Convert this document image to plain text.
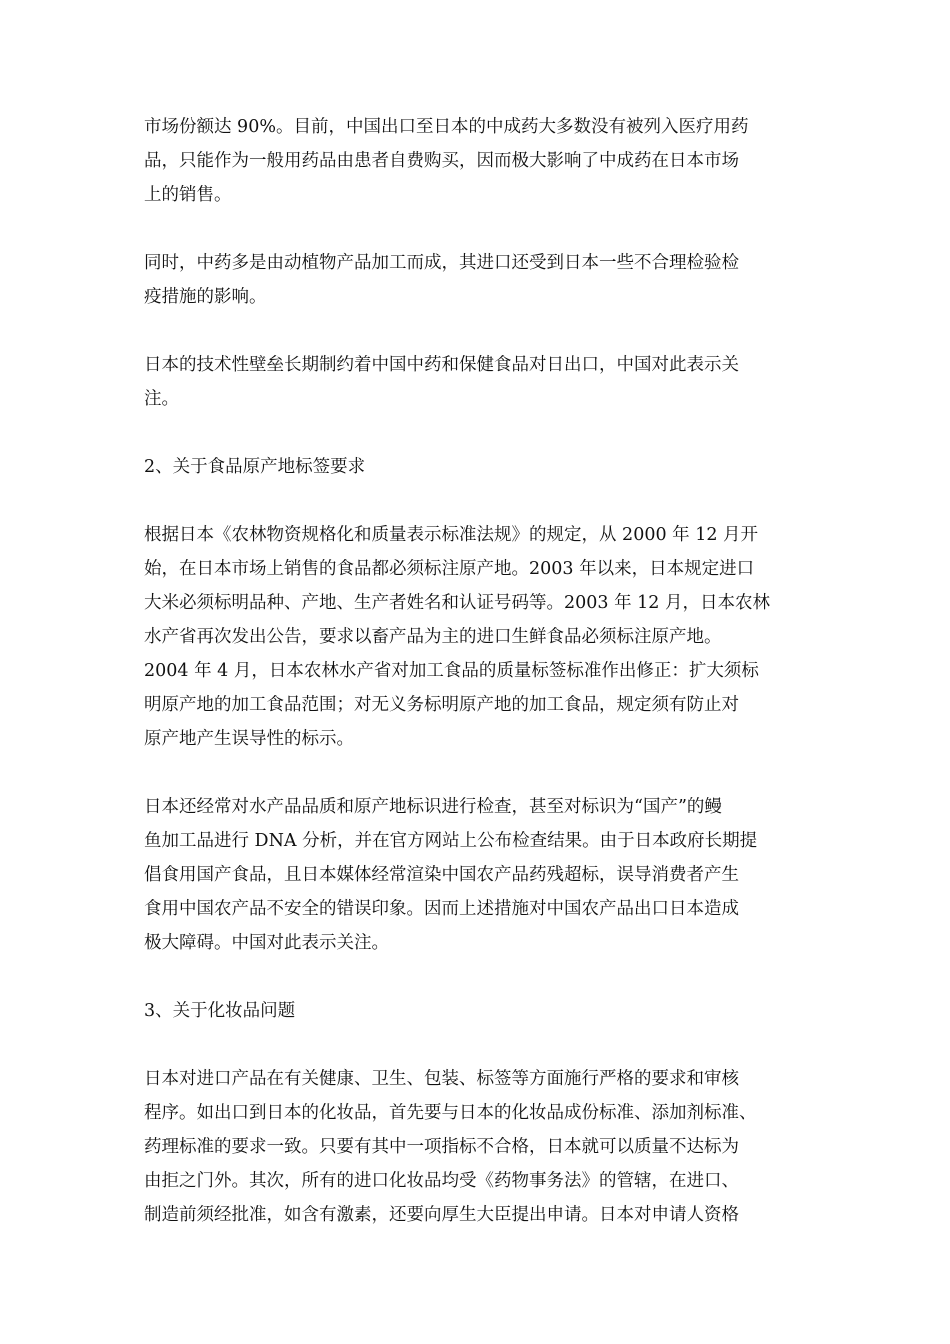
市场份额达 90%。目前，中国出口至日本的中成药大多数没有被列入医疗用药
品，只能作为一般用药品由患者自费购买，因而极大影响了中成药在日本市场
上的销售。

同时，中药多是由动植物产品加工而成，其进口还受到日本一些不合理检验检
疫措施的影响。

日本的技术性壁垒长期制约着中国中药和保健食品对日出口，中国对此表示关
注。

2、关于食品原产地标签要求

根据日本《农林物资规格化和质量表示标准法规》的规定，从 2000 年 12 月开
始，在日本市场上销售的食品都必须标注原产地。2003 年以来，日本规定进口
大米必须标明品种、产地、生产者姓名和认证号码等。2003 年 12 月，日本农林
水产省再次发出公告，要求以畜产品为主的进口生鲜食品必须标注原产地。
2004 年 4 月，日本农林水产省对加工食品的质量标签标准作出修正：扩大须标
明原产地的加工食品范围；对无义务标明原产地的加工食品，规定须有防止对
原产地产生误导性的标示。

日本还经常对水产品品质和原产地标识进行检查，甚至对标识为“国产”的鳗
鱼加工品进行 DNA 分析，并在官方网站上公布检查结果。由于日本政府长期提
倡食用国产食品，且日本媒体经常渲染中国农产品药残超标，误导消费者产生
食用中国农产品不安全的错误印象。因而上述措施对中国农产品出口日本造成
极大障碍。中国对此表示关注。

3、关于化妆品问题

日本对进口产品在有关健康、卫生、包装、标签等方面施行严格的要求和审核
程序。如出口到日本的化妆品，首先要与日本的化妆品成份标准、添加剂标准、
药理标准的要求一致。只要有其中一项指标不合格，日本就可以质量不达标为
由拒之门外。其次，所有的进口化妆品均受《药物事务法》的管辖，在进口、
制造前须经批准，如含有激素，还要向厚生大臣提出申请。日本对申请人资格
